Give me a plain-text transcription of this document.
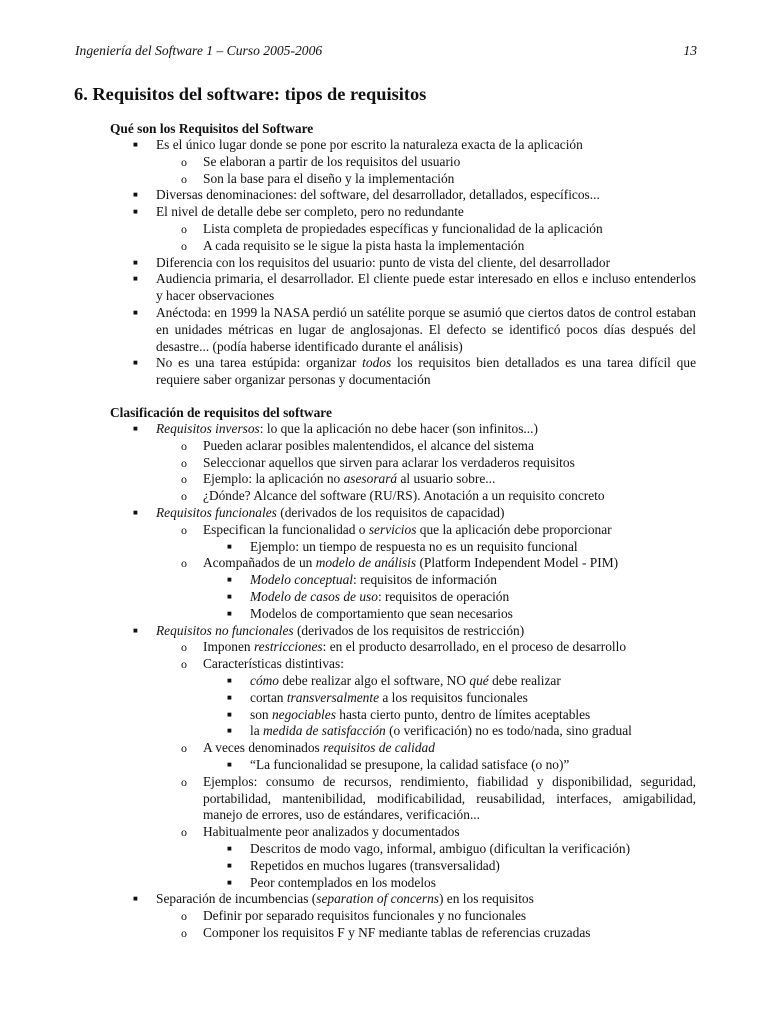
Ingeniería del Software 1 – Curso 2005-2006	13
6. Requisitos del software: tipos de requisitos
Qué son los Requisitos del Software
■ Es el único lugar donde se pone por escrito la naturaleza exacta de la aplicación
o Se elaboran a partir de los requisitos del usuario
o Son la base para el diseño y la implementación
■ Diversas denominaciones: del software, del desarrollador, detallados, específicos...
■ El nivel de detalle debe ser completo, pero no redundante
o Lista completa de propiedades específicas y funcionalidad de la aplicación
o A cada requisito se le sigue la pista hasta la implementación
■ Diferencia con los requisitos del usuario: punto de vista del cliente, del desarrollador
■ Audiencia primaria, el desarrollador. El cliente puede estar interesado en ellos e incluso entenderlos y hacer observaciones
■ Anéctoda: en 1999 la NASA perdió un satélite porque se asumió que ciertos datos de control estaban en unidades métricas en lugar de anglosajonas. El defecto se identificó pocos días después del desastre... (podía haberse identificado durante el análisis)
■ No es una tarea estúpida: organizar todos los requisitos bien detallados es una tarea difícil que requiere saber organizar personas y documentación
Clasificación de requisitos del software
■ Requisitos inversos: lo que la aplicación no debe hacer (son infinitos...)
o Pueden aclarar posibles malentendidos, el alcance del sistema
o Seleccionar aquellos que sirven para aclarar los verdaderos requisitos
o Ejemplo: la aplicación no asesorará al usuario sobre...
o ¿Dónde? Alcance del software (RU/RS). Anotación a un requisito concreto
■ Requisitos funcionales (derivados de los requisitos de capacidad)
o Especifican la funcionalidad o servicios que la aplicación debe proporcionar
■ Ejemplo: un tiempo de respuesta no es un requisito funcional
o Acompañados de un modelo de análisis (Platform Independent Model - PIM)
■ Modelo conceptual: requisitos de información
■ Modelo de casos de uso: requisitos de operación
■ Modelos de comportamiento que sean necesarios
■ Requisitos no funcionales (derivados de los requisitos de restricción)
o Imponen restricciones: en el producto desarrollado, en el proceso de desarrollo
o Características distintivas:
■ cómo debe realizar algo el software, NO qué debe realizar
■ cortan transversalmente a los requisitos funcionales
■ son negociables hasta cierto punto, dentro de límites aceptables
■ la medida de satisfacción (o verificación) no es todo/nada, sino gradual
o A veces denominados requisitos de calidad
■ “La funcionalidad se presupone, la calidad satisface (o no)”
o Ejemplos: consumo de recursos, rendimiento, fiabilidad y disponibilidad, seguridad, portabilidad, mantenibilidad, modificabilidad, reusabilidad, interfaces, amigabilidad, manejo de errores, uso de estándares, verificación...
o Habitualmente peor analizados y documentados
■ Descritos de modo vago, informal, ambiguo (dificultan la verificación)
■ Repetidos en muchos lugares (transversalidad)
■ Peor contemplados en los modelos
■ Separación de incumbencias (separation of concerns) en los requisitos
o Definir por separado requisitos funcionales y no funcionales
o Componer los requisitos F y NF mediante tablas de referencias cruzadas
